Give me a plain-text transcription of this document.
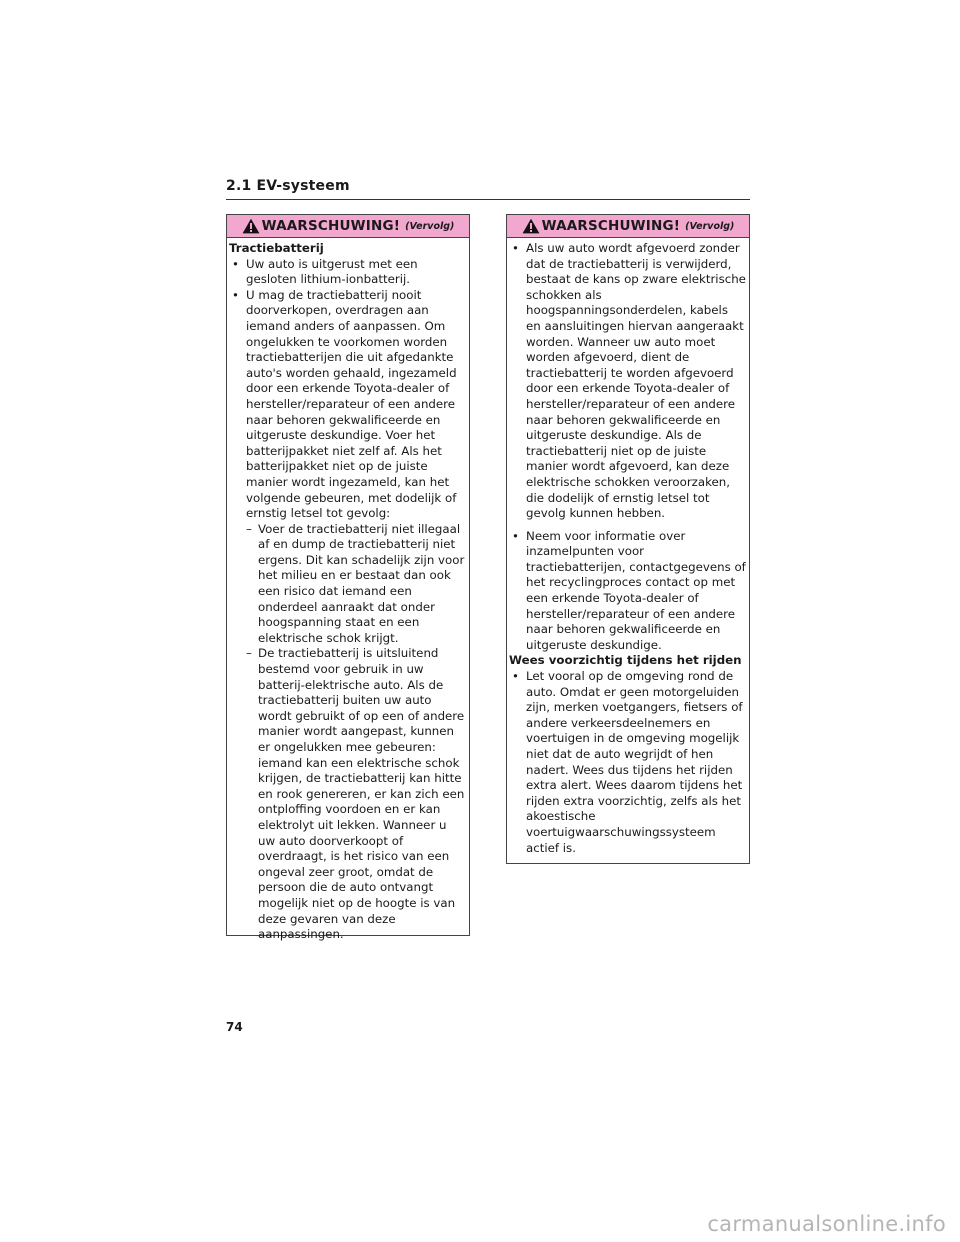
2.1 EV-systeem
WAARSCHUWING! (Vervolg)
Tractiebatterij
• Uw auto is uitgerust met een gesloten lithium-ionbatterij.
• U mag de tractiebatterij nooit doorverkopen, overdragen aan iemand anders of aanpassen. Om ongelukken te voorkomen worden tractiebatterijen die uit afgedankte auto's worden gehaald, ingezameld door een erkende Toyota-dealer of hersteller/reparateur of een andere naar behoren gekwalificeerde en uitgeruste deskundige. Voer het batterijpakket niet zelf af. Als het batterijpakket niet op de juiste manier wordt ingezameld, kan het volgende gebeuren, met dodelijk of ernstig letsel tot gevolg:
– Voer de tractiebatterij niet illegaal af en dump de tractiebatterij niet ergens. Dit kan schadelijk zijn voor het milieu en er bestaat dan ook een risico dat iemand een onderdeel aanraakt dat onder hoogspanning staat en een elektrische schok krijgt.
– De tractiebatterij is uitsluitend bestemd voor gebruik in uw batterij-elektrische auto. Als de tractiebatterij buiten uw auto wordt gebruikt of op een of andere manier wordt aangepast, kunnen er ongelukken mee gebeuren: iemand kan een elektrische schok krijgen, de tractiebatterij kan hitte en rook genereren, er kan zich een ontploffing voordoen en er kan elektrolyt uit lekken. Wanneer u uw auto doorverkoopt of overdraagt, is het risico van een ongeval zeer groot, omdat de persoon die de auto ontvangt mogelijk niet op de hoogte is van deze gevaren van deze aanpassingen.
WAARSCHUWING! (Vervolg)
• Als uw auto wordt afgevoerd zonder dat de tractiebatterij is verwijderd, bestaat de kans op zware elektrische schokken als hoogspanningsonderdelen, kabels en aansluitingen hiervan aangeraakt worden. Wanneer uw auto moet worden afgevoerd, dient de tractiebatterij te worden afgevoerd door een erkende Toyota-dealer of hersteller/reparateur of een andere naar behoren gekwalificeerde en uitgeruste deskundige. Als de tractiebatterij niet op de juiste manier wordt afgevoerd, kan deze elektrische schokken veroorzaken, die dodelijk of ernstig letsel tot gevolg kunnen hebben.
• Neem voor informatie over inzamelpunten voor tractiebatterijen, contactgegevens of het recyclingproces contact op met een erkende Toyota-dealer of hersteller/reparateur of een andere naar behoren gekwalificeerde en uitgeruste deskundige.
Wees voorzichtig tijdens het rijden
• Let vooral op de omgeving rond de auto. Omdat er geen motorgeluiden zijn, merken voetgangers, fietsers of andere verkeersdeelnemers en voertuigen in de omgeving mogelijk niet dat de auto wegrijdt of hen nadert. Wees dus tijdens het rijden extra alert. Wees daarom tijdens het rijden extra voorzichtig, zelfs als het akoestische voertuigwaarschuwingssysteem actief is.
74
carmanualsonline.info
